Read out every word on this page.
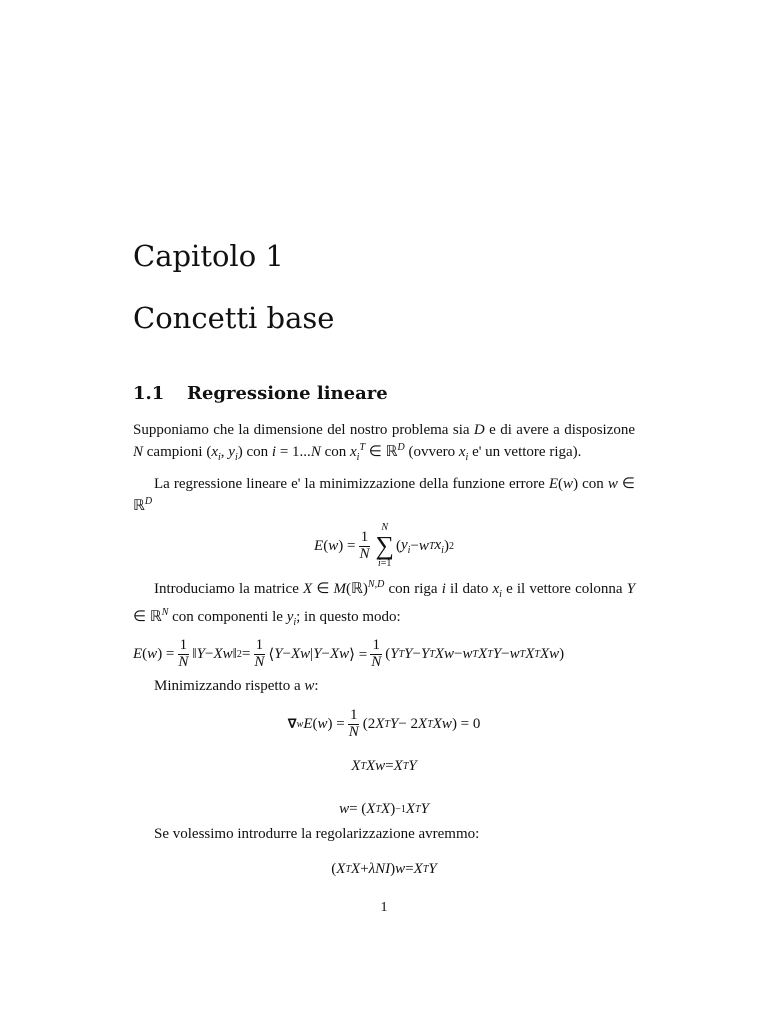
Capitolo 1
Concetti base
1.1 Regressione lineare

Supponiamo che la dimensione del nostro problema sia D e di avere a disposizone N campioni ($x_i$, $y_i$) con i = 1...N con $x_i^T$ ∈ ℝ$^D$ (ovvero $x_i$ e' un vettore riga).

La regressione lineare e' la minimizzazione della funzione errore E(w) con w ∈ ℝ$^D$

E ( w ) = $\frac{1}{N}$
N
∑
i=1
( $y_i - w$ T $x_i$ ) 2

Introduciamo la matrice X ∈ M(ℝ)$^{N,D}$ con riga i il dato $x_i$ e il vettore colonna Y ∈ ℝ$^N$ con componenti le $y_i$; in questo modo:

E ( w ) = $\frac{1}{N}$ ‖ Y − Xw ‖ $2 = \frac{1}{N}$ ⟨ Y − Xw | Y − Xw ⟩ = $\frac{1}{N}$ ( Y T Y − Y T Xw − w T X T Y − w T X T Xw )

Minimizzando rispetto a w:

∇ w E ( w ) = $\frac{1}{N} (2$ X T Y − 2 X T Xw ) = 0
X T Xw = X T Y
w = ( X T X ) −1 X T Y

Se volessimo introdurre la regolarizzazione avremmo:

( X T X + λNI ) w = X T Y
1
